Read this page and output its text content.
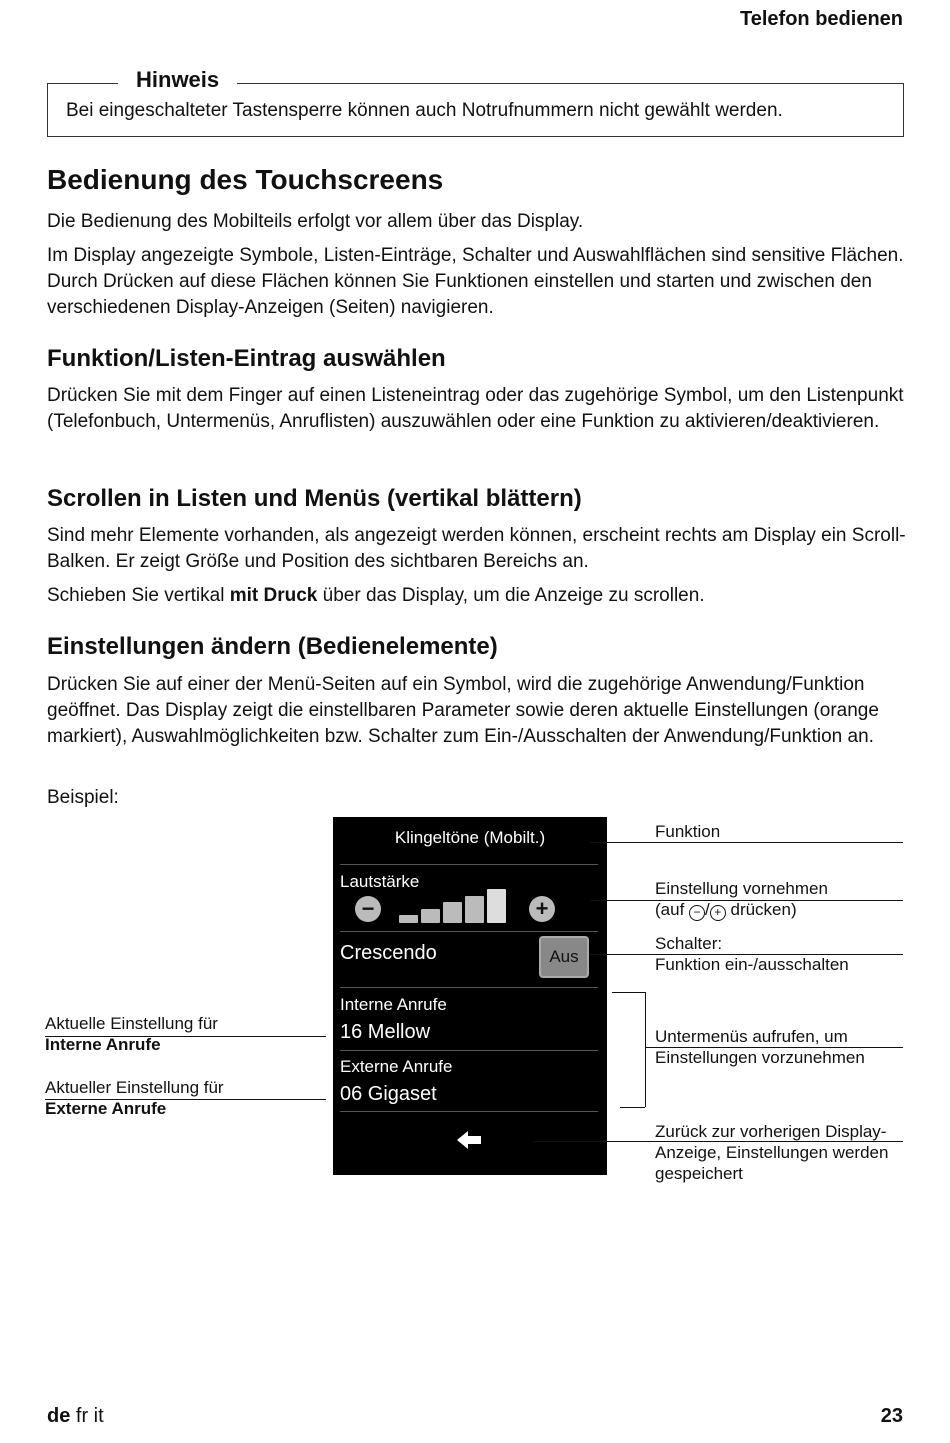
Telefon bedienen
Hinweis
Bei eingeschalteter Tastensperre können auch Notrufnummern nicht gewählt werden.
Bedienung des Touchscreens
Die Bedienung des Mobilteils erfolgt vor allem über das Display.
Im Display angezeigte Symbole, Listen-Einträge, Schalter und Auswahlflächen sind sensitive Flächen. Durch Drücken auf diese Flächen können Sie Funktionen einstellen und starten und zwischen den verschiedenen Display-Anzeigen (Seiten) navigieren.
Funktion/Listen-Eintrag auswählen
Drücken Sie mit dem Finger auf einen Listeneintrag oder das zugehörige Symbol, um den Listenpunkt (Telefonbuch, Untermenüs, Anruflisten) auszuwählen oder eine Funktion zu aktivieren/deaktivieren.
Scrollen in Listen und Menüs (vertikal blättern)
Sind mehr Elemente vorhanden, als angezeigt werden können, erscheint rechts am Display ein Scroll-Balken. Er zeigt Größe und Position des sichtbaren Bereichs an.
Schieben Sie vertikal mit Druck über das Display, um die Anzeige zu scrollen.
Einstellungen ändern (Bedienelemente)
Drücken Sie auf einer der Menü-Seiten auf ein Symbol, wird die zugehörige Anwendung/Funktion geöffnet. Das Display zeigt die einstellbaren Parameter sowie deren aktuelle Einstellungen (orange markiert), Auswahlmöglichkeiten bzw. Schalter zum Ein-/Ausschalten der Anwendung/Funktion an.
Beispiel:
Klingeltöne (Mobilt.)
Lautstärke
−	+
Crescendo	Aus
Interne Anrufe
16 Mellow
Externe Anrufe
06 Gigaset
Funktion
Einstellung vornehmen
(auf − / + drücken)
Schalter:
Funktion ein-/ausschalten
Untermenüs aufrufen, um
Einstellungen vorzunehmen
Zurück zur vorherigen Display-
Anzeige, Einstellungen werden
gespeichert
Aktuelle Einstellung für
Interne Anrufe
Aktueller Einstellung für
Externe Anrufe
de fr it	23
